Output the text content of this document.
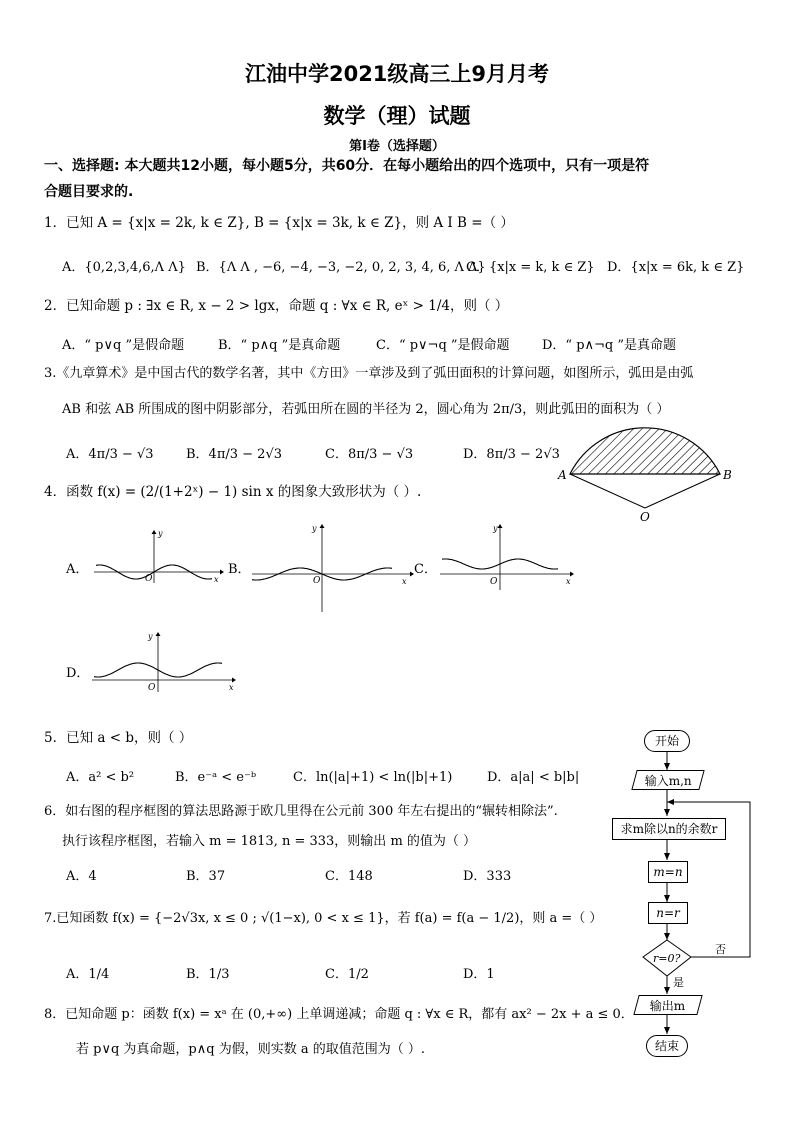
江油中学2021级高三上9月月考
数学（理）试题
第I卷（选择题）
一、选择题: 本大题共12小题，每小题5分，共60分．在每小题给出的四个选项中，只有一项是符
合题目要求的.
1．已知 A = {x|x = 2k, k ∈ Z}, B = {x|x = 3k, k ∈ Z}，则 A I B =（ ）
A．{0,2,3,4,6,Λ Λ} B．{Λ Λ , −6, −4, −3, −2, 0, 2, 3, 4, 6, Λ Λ}
C．{x|x = k, k ∈ Z} D．{x|x = 6k, k ∈ Z}
2．已知命题 p : ∃x ∈ R, x − 2 > lgx，命题 q : ∀x ∈ R, eˣ > 1/4，则（ ）
A．“ p∨q ”是假命题	B．“ p∧q ”是真命题	C．“ p∨¬q ”是假命题 D．“ p∧¬q ”是真命题
3.《九章算术》是中国古代的数学名著，其中《方田》一章涉及到了弧田面积的计算问题，如图所示，弧田是由弧
AB 和弦 AB 所围成的图中阴影部分，若弧田所在圆的半径为 2，圆心角为 2π/3，则此弧田的面积为（ ）
A．4π/3 − √3 B．4π/3 − 2√3	C．8π/3 − √3	D．8π/3 − 2√3
A	B
O
4．函数 f(x) = (2/(1+2ˣ) − 1) sin x 的图象大致形状为（ ）.
A．
y
x
O
B．
y
x
O
C．
y
x
O
D．
y
x
O
5．已知 a < b，则（ ）
A．a² < b²	B．e⁻ᵃ < e⁻ᵇ	C．ln(|a|+1) < ln(|b|+1)	D．a|a| < b|b|
6．如右图的程序框图的算法思路源于欧几里得在公元前 300 年左右提出的“辗转相除法”.
执行该程序框图，若输入 m = 1813, n = 333，则输出 m 的值为（ ）
A．4	B．37	C．148	D．333
7.已知函数 f(x) = {−2√3x, x ≤ 0 ; √(1−x), 0 < x ≤ 1}，若 f(a) = f(a − 1/2)，则 a =（ ）
A．1/4	B．1/3	C．1/2	D．1
8．已知命题 p：函数 f(x) = xᵃ 在 (0,+∞) 上单调递减；命题 q : ∀x ∈ R，都有 ax² − 2x + a ≤ 0．
若 p∨q 为真命题，p∧q 为假，则实数 a 的取值范围为（ ）.
r=0?
是
否
开始
输入m,n
求m除以n的余数r
m=n
n=r
输出m
结束
